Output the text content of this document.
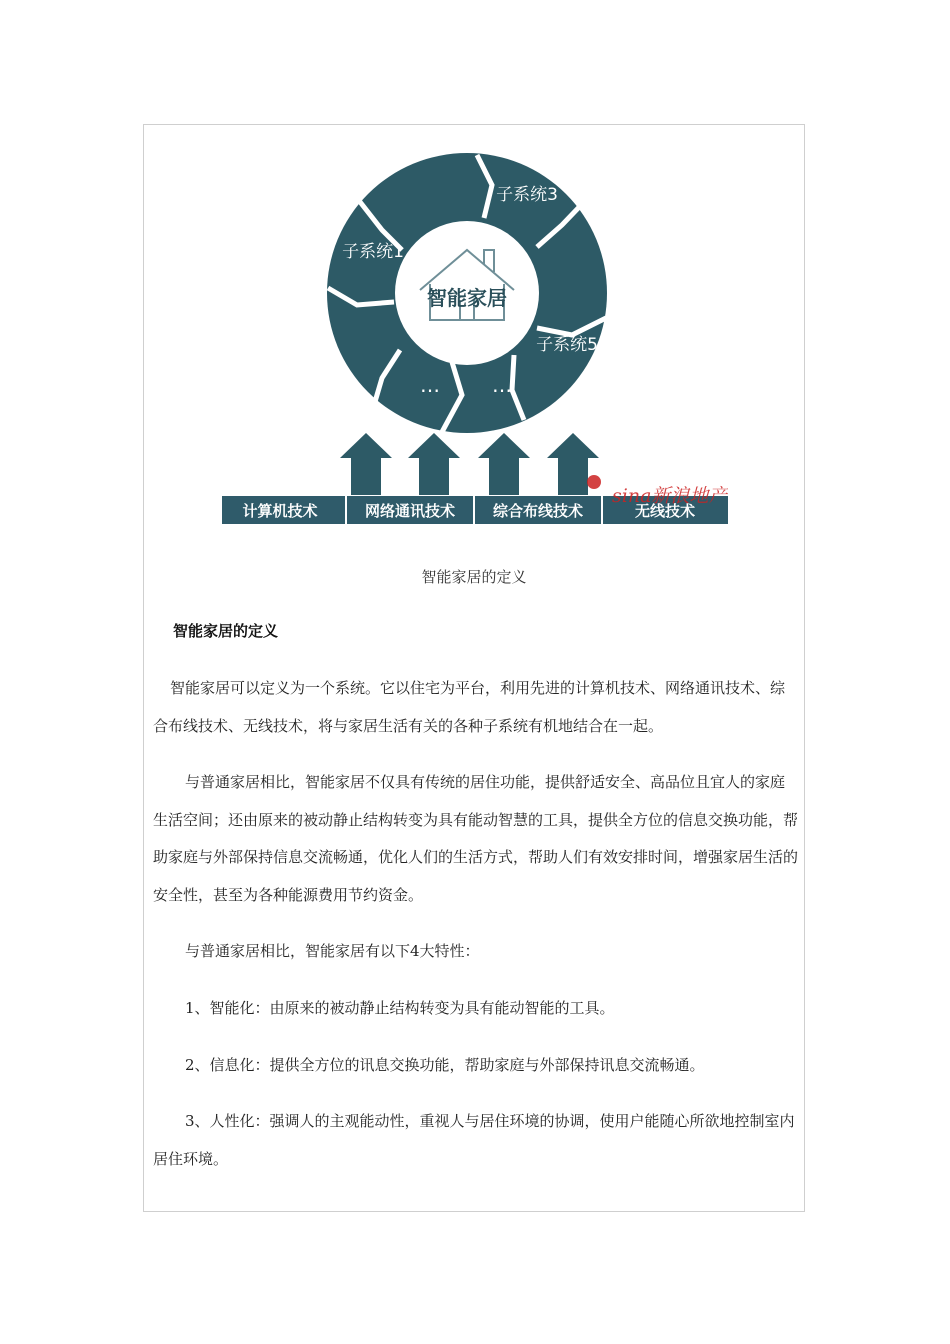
智能家居
子系统1
子系统3
子系统5
… …
计算机技术	网络通讯技术	综合布线技术	无线技术
sina新浪地产
智能家居的定义
智能家居的定义

智能家居可以定义为一个系统。它以住宅为平台，利用先进的计算机技术、网络通讯技术、综合布线技术、无线技术，将与家居生活有关的各种子系统有机地结合在一起。

与普通家居相比，智能家居不仅具有传统的居住功能，提供舒适安全、高品位且宜人的家庭生活空间；还由原来的被动静止结构转变为具有能动智慧的工具，提供全方位的信息交换功能，帮助家庭与外部保持信息交流畅通，优化人们的生活方式，帮助人们有效安排时间，增强家居生活的安全性，甚至为各种能源费用节约资金。

与普通家居相比，智能家居有以下4大特性：

1、智能化：由原来的被动静止结构转变为具有能动智能的工具。

2、信息化：提供全方位的讯息交换功能，帮助家庭与外部保持讯息交流畅通。

3、人性化：强调人的主观能动性，重视人与居住环境的协调，使用户能随心所欲地控制室内居住环境。
